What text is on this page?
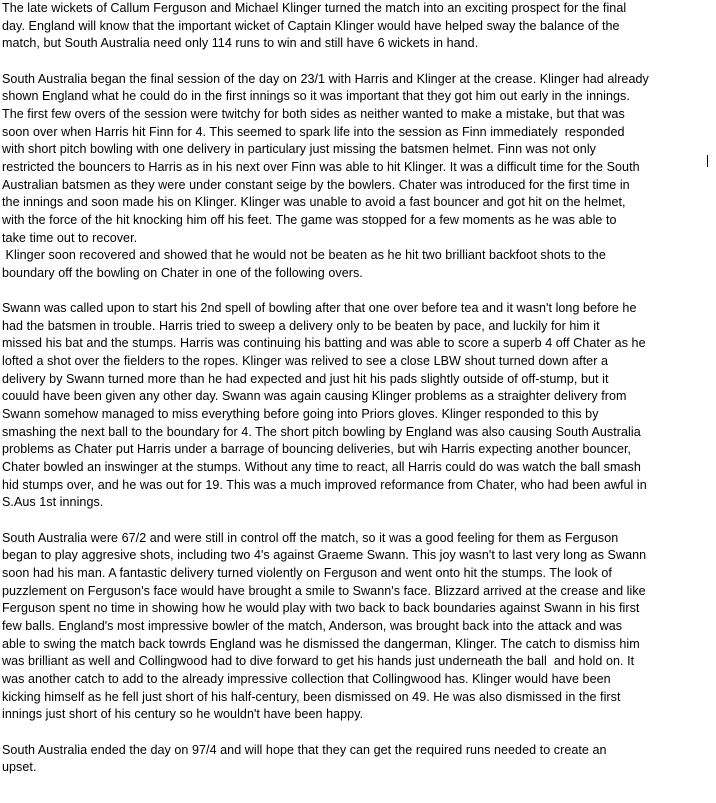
The late wickets of Callum Ferguson and Michael Klinger turned the match into an exciting prospect for the final

day. England will know that the important wicket of Captain Klinger would have helped sway the balance of the

match, but South Australia need only 114 runs to win and still have 6 wickets in hand.

South Australia began the final session of the day on 23/1 with Harris and Klinger at the crease. Klinger had already

shown England what he could do in the first innings so it was important that they got him out early in the innings.

The first few overs of the session were twitchy for both sides as neither wanted to make a mistake, but that was

soon over when Harris hit Finn for 4. This seemed to spark life into the session as Finn immediately  responded

with short pitch bowling with one delivery in particulary just missing the batsmen helmet. Finn was not only

restricted the bouncers to Harris as in his next over Finn was able to hit Klinger. It was a difficult time for the South

Australian batsmen as they were under constant seige by the bowlers. Chater was introduced for the first time in

the innings and soon made his on Klinger. Klinger was unable to avoid a fast bouncer and got hit on the helmet,

with the force of the hit knocking him off his feet. The game was stopped for a few moments as he was able to

take time out to recover.

Klinger soon recovered and showed that he would not be beaten as he hit two brilliant backfoot shots to the

boundary off the bowling on Chater in one of the following overs.

Swann was called upon to start his 2nd spell of bowling after that one over before tea and it wasn't long before he

had the batsmen in trouble. Harris tried to sweep a delivery only to be beaten by pace, and luckily for him it

missed his bat and the stumps. Harris was continuing his batting and was able to score a superb 4 off Chater as he

lofted a shot over the fielders to the ropes. Klinger was relived to see a close LBW shout turned down after a

delivery by Swann turned more than he had expected and just hit his pads slightly outside of off-stump, but it

couuld have been given any other day. Swann was again causing Klinger problems as a straighter delivery from

Swann somehow managed to miss everything before going into Priors gloves. Klinger responded to this by

smashing the next ball to the boundary for 4. The short pitch bowling by England was also causing South Australia

problems as Chater put Harris under a barrage of bouncing deliveries, but wih Harris expecting another bouncer,

Chater bowled an inswinger at the stumps. Without any time to react, all Harris could do was watch the ball smash

hid stumps over, and he was out for 19. This was a much improved reformance from Chater, who had been awful in

S.Aus 1st innings.

South Australia were 67/2 and were still in control off the match, so it was a good feeling for them as Ferguson

began to play aggresive shots, including two 4's against Graeme Swann. This joy wasn't to last very long as Swann

soon had his man. A fantastic delivery turned violently on Ferguson and went onto hit the stumps. The look of

puzzlement on Ferguson's face would have brought a smile to Swann's face. Blizzard arrived at the crease and like

Ferguson spent no time in showing how he would play with two back to back boundaries against Swann in his first

few balls. England's most impressive bowler of the match, Anderson, was brought back into the attack and was

able to swing the match back towrds England was he dismissed the dangerman, Klinger. The catch to dismiss him

was brilliant as well and Collingwood had to dive forward to get his hands just underneath the ball  and hold on. It

was another catch to add to the already impressive collection that Collingwood has. Klinger would have been

kicking himself as he fell just short of his half-century, been dismissed on 49. He was also dismissed in the first

innings just short of his century so he wouldn't have been happy.

South Australia ended the day on 97/4 and will hope that they can get the required runs needed to create an

upset.
